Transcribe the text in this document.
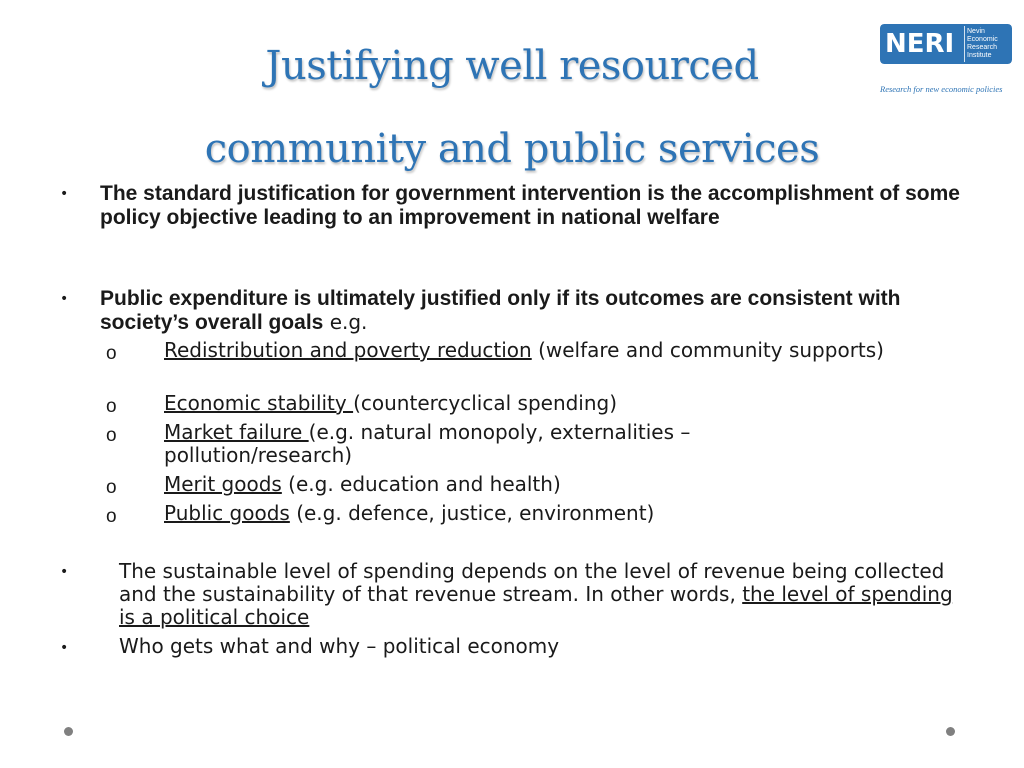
Justifying well resourced
community and public services
NERI Nevin
Economic
Research
Institute
Research for new economic policies
• The standard justification for government intervention is the accomplishment of some policy objective leading to an improvement in national welfare
• Public expenditure is ultimately justified only if its outcomes are consistent with society’s overall goals e.g.
o Redistribution and poverty reduction (welfare and community supports)
o Economic stability (countercyclical spending)
o Market failure (e.g. natural monopoly, externalities – pollution/research)
o Merit goods (e.g. education and health)
o Public goods (e.g. defence, justice, environment)
•	The sustainable level of spending depends on the level of revenue being collected and the sustainability of that revenue stream. In other words, the level of spending is a political choice
•	Who gets what and why – political economy
